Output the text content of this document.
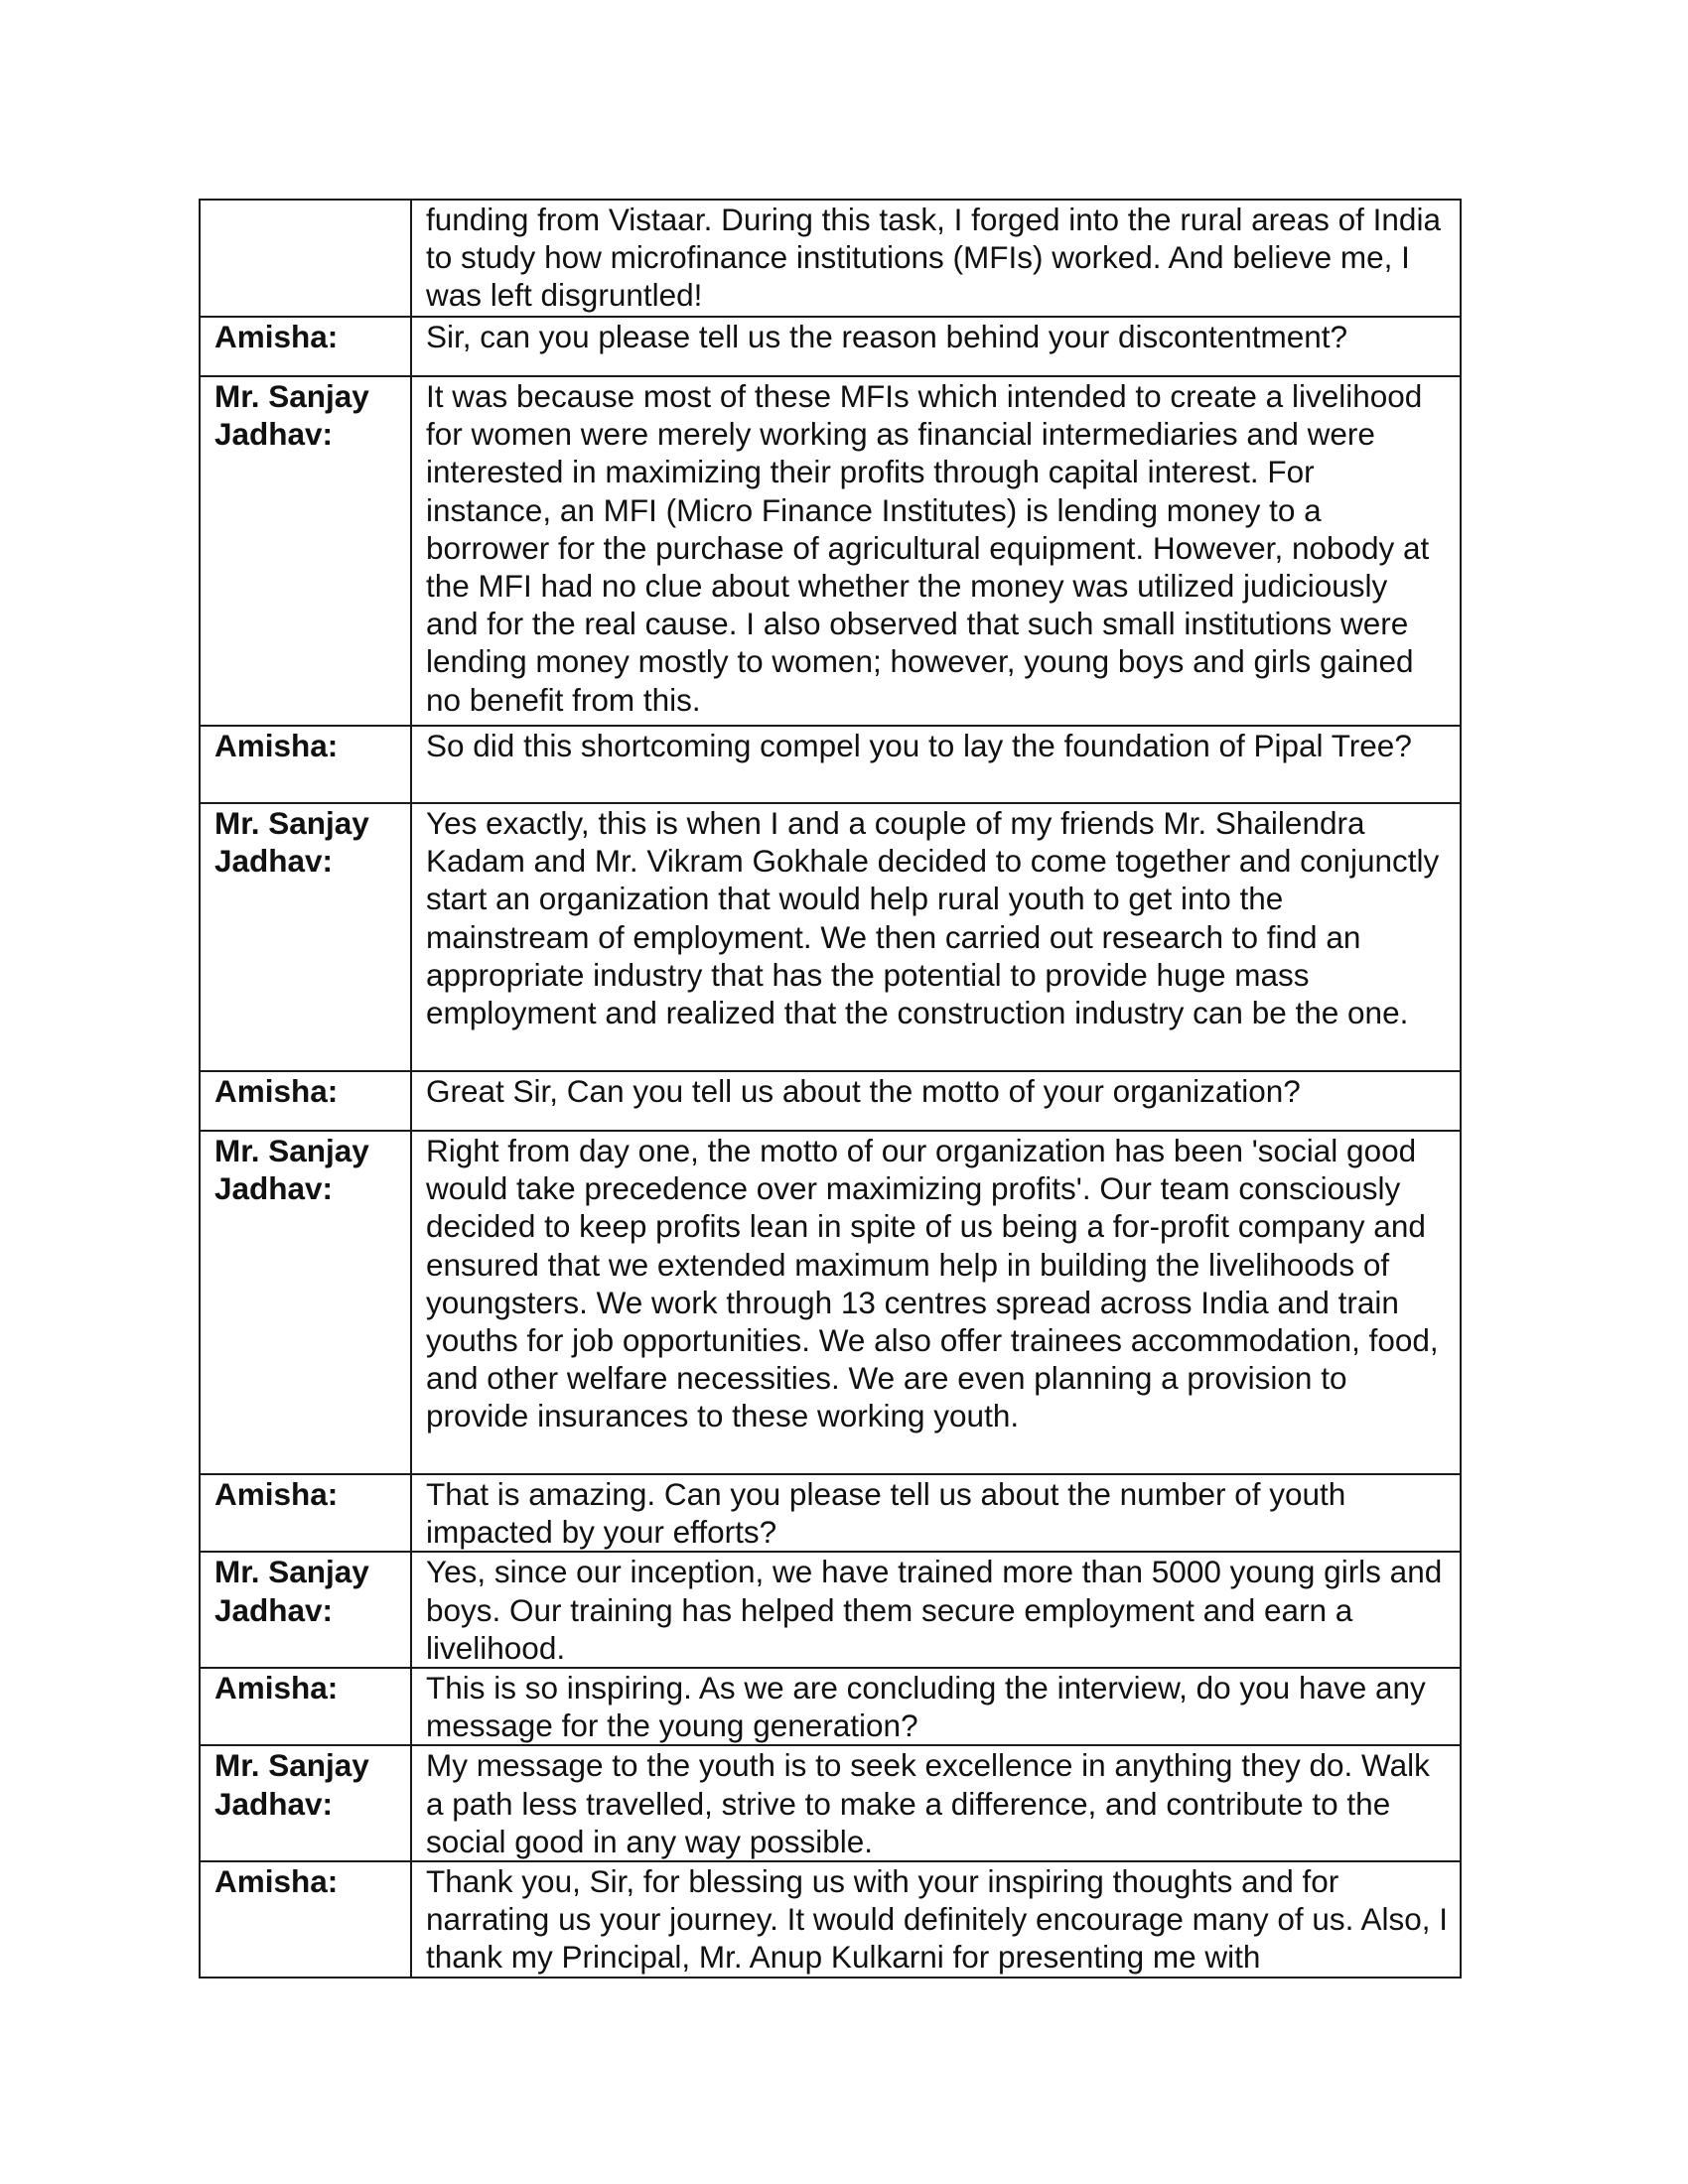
	funding from Vistaar. During this task, I forged into the rural areas of India to study how microfinance institutions (MFIs) worked. And believe me, I was left disgruntled!
Amisha:	Sir, can you please tell us the reason behind your discontentment?
Mr. Sanjay Jadhav:	It was because most of these MFIs which intended to create a livelihood for women were merely working as financial intermediaries and were interested in maximizing their profits through capital interest. For instance, an MFI (Micro Finance Institutes) is lending money to a borrower for the purchase of agricultural equipment. However, nobody at the MFI had no clue about whether the money was utilized judiciously and for the real cause. I also observed that such small institutions were lending money mostly to women; however, young boys and girls gained no benefit from this.
Amisha:	So did this shortcoming compel you to lay the foundation of Pipal Tree?
Mr. Sanjay Jadhav:	Yes exactly, this is when I and a couple of my friends Mr. Shailendra Kadam and Mr. Vikram Gokhale decided to come together and conjunctly start an organization that would help rural youth to get into the mainstream of employment. We then carried out research to find an appropriate industry that has the potential to provide huge mass employment and realized that the construction industry can be the one.
Amisha:	Great Sir, Can you tell us about the motto of your organization?
Mr. Sanjay Jadhav:	Right from day one, the motto of our organization has been 'social good would take precedence over maximizing profits'. Our team consciously decided to keep profits lean in spite of us being a for-profit company and ensured that we extended maximum help in building the livelihoods of youngsters. We work through 13 centres spread across India and train youths for job opportunities. We also offer trainees accommodation, food, and other welfare necessities. We are even planning a provision to provide insurances to these working youth.
Amisha:	That is amazing. Can you please tell us about the number of youth impacted by your efforts?
Mr. Sanjay Jadhav:	Yes, since our inception, we have trained more than 5000 young girls and boys. Our training has helped them secure employment and earn a livelihood.
Amisha:	This is so inspiring. As we are concluding the interview, do you have any message for the young generation?
Mr. Sanjay Jadhav:	My message to the youth is to seek excellence in anything they do. Walk a path less travelled, strive to make a difference, and contribute to the social good in any way possible.
Amisha:	Thank you, Sir, for blessing us with your inspiring thoughts and for narrating us your journey. It would definitely encourage many of us. Also, I thank my Principal, Mr. Anup Kulkarni for presenting me with
